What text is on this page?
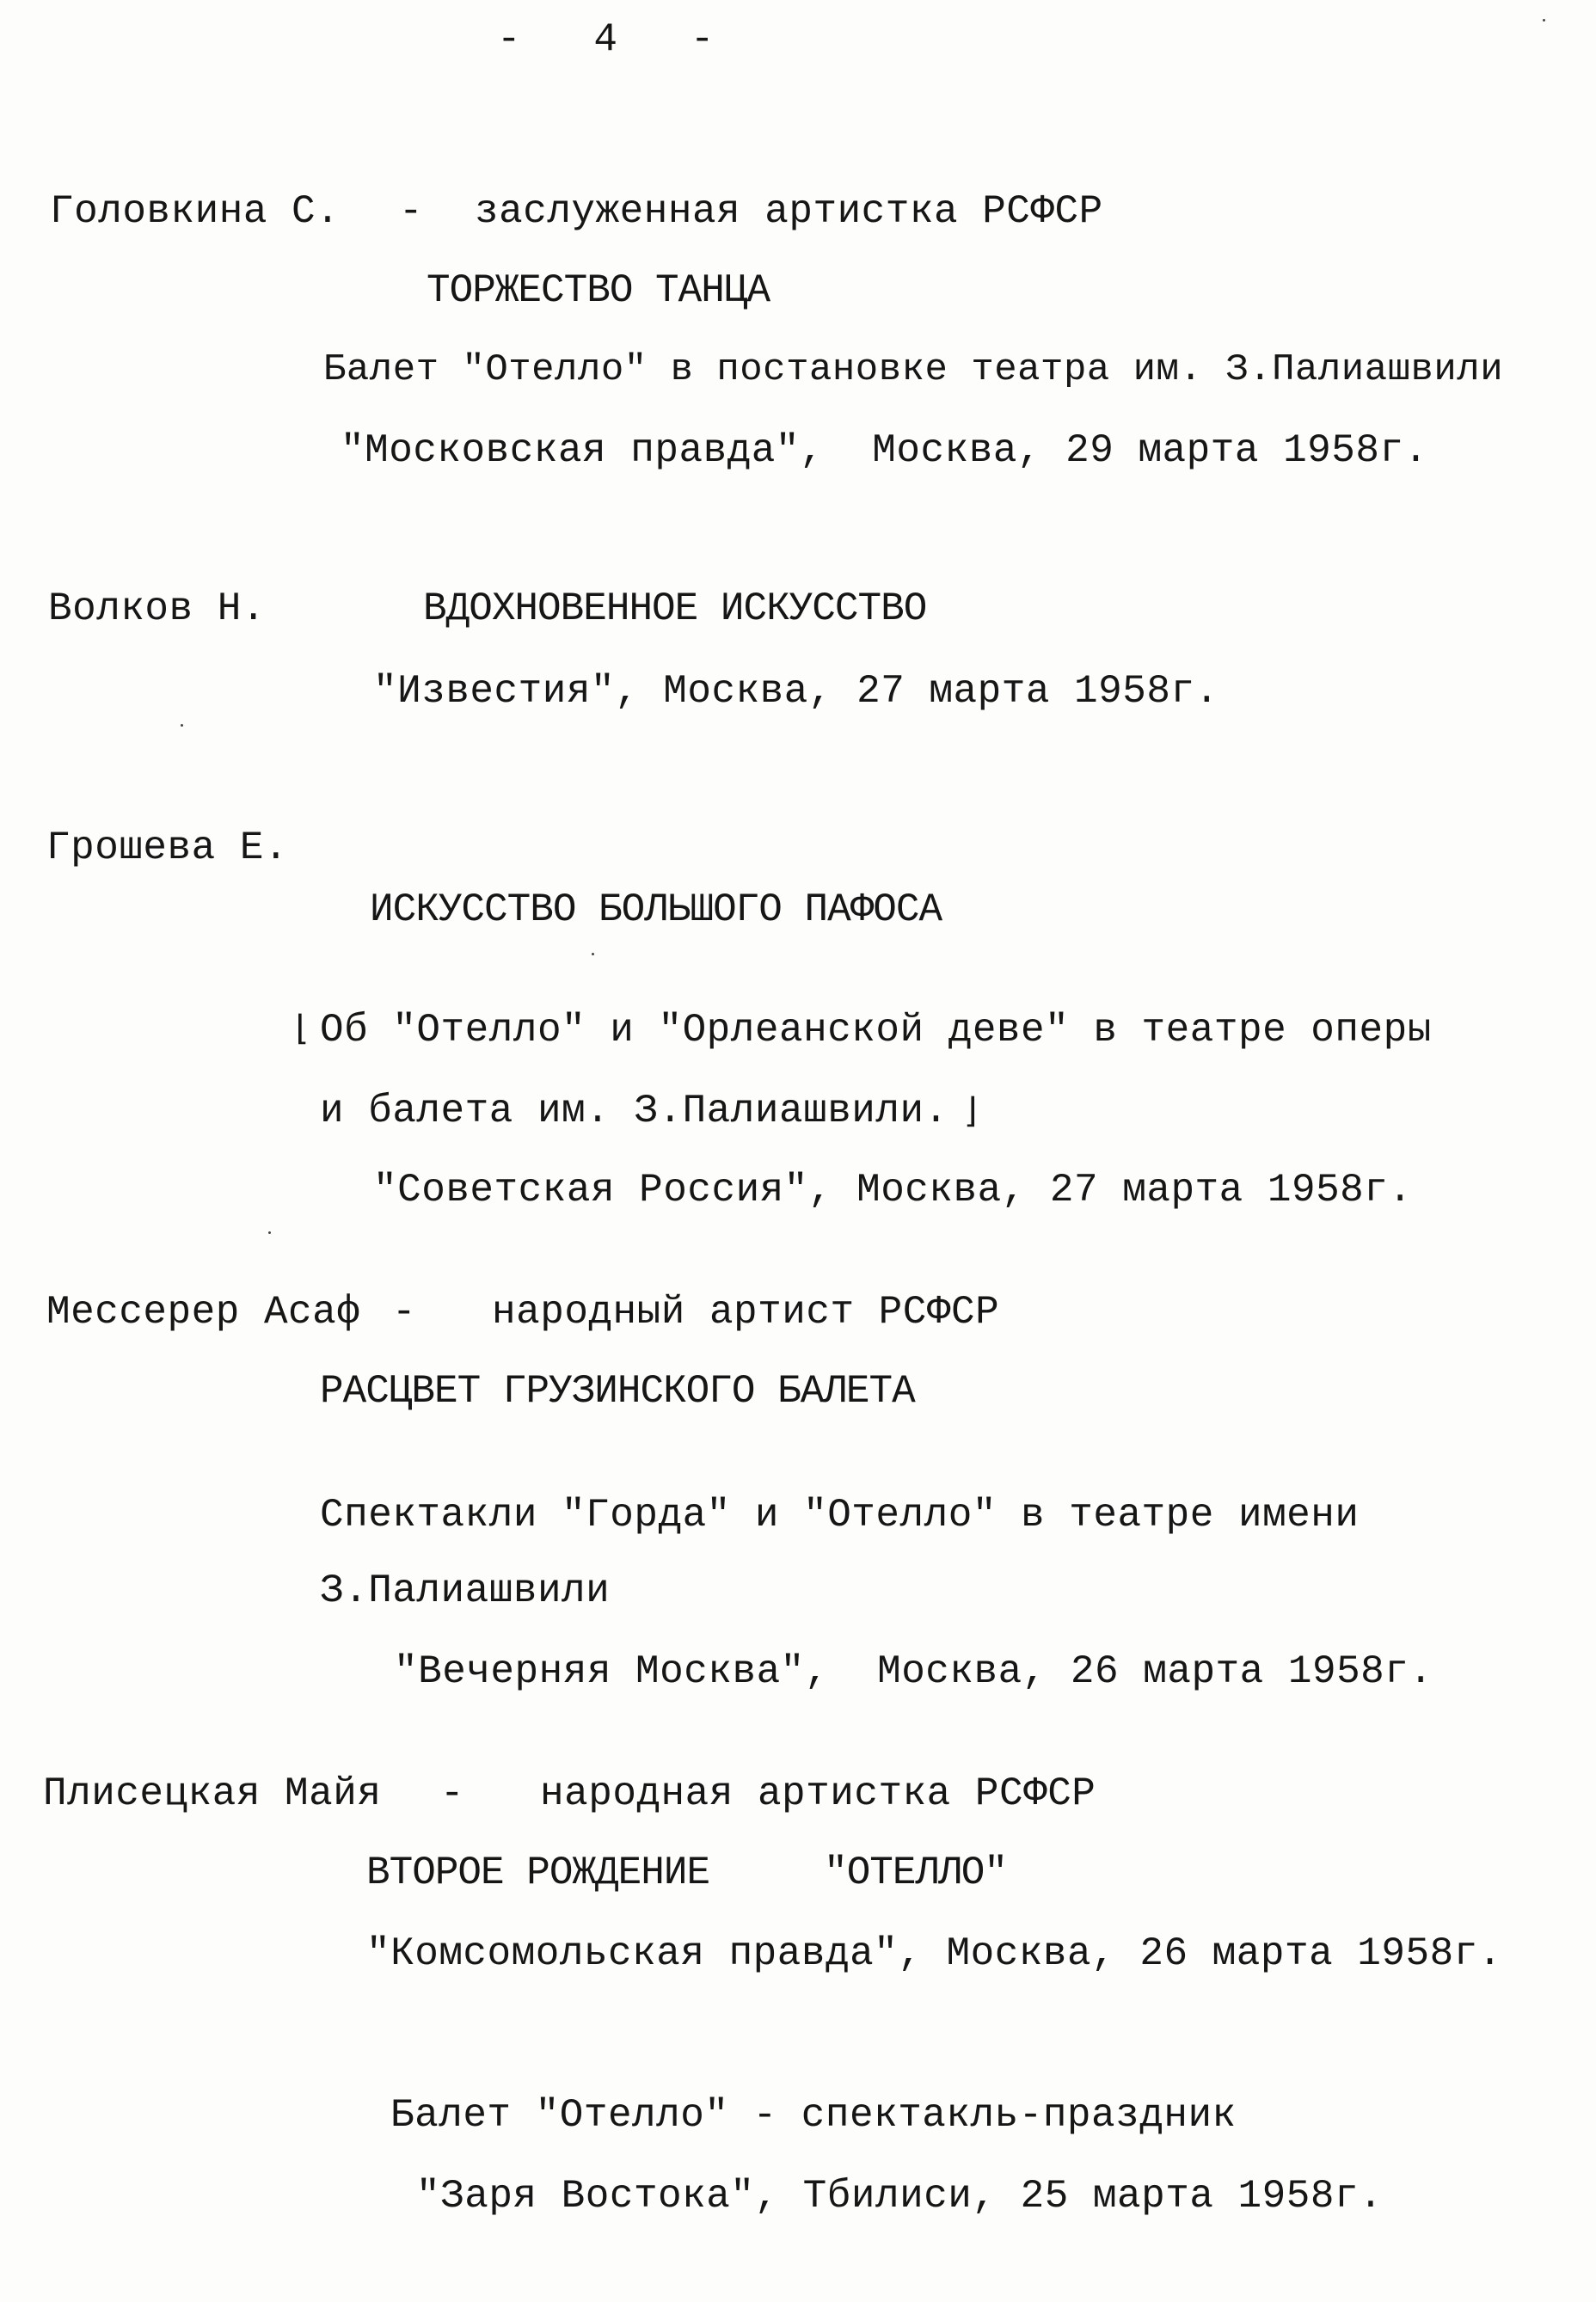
-   4   -
Головкина С. - заслуженная артистка РСФСР
ТОРЖЕСТВО ТАНЦА
Балет "Отелло" в постановке театра им. З.Палиашвили
"Московская правда",  Москва, 29 марта 1958г.
Волков Н.	ВДОХНОВЕННОЕ ИСКУССТВО
"Известия", Москва, 27 марта 1958г.
Грошева Е.
ИСКУССТВО БОЛЬШОГО ПАФОСА
⌊ Об "Отелло" и "Орлеанской деве" в театре оперы
и балета им. З.Палиашвили. ⌋
"Советская Россия", Москва, 27 марта 1958г.
Мессерер Асаф - народный артист РСФСР
РАСЦВЕТ ГРУЗИНСКОГО БАЛЕТА
Спектакли "Горда" и "Отелло" в театре имени
З.Палиашвили
"Вечерняя Москва",  Москва, 26 марта 1958г.
Плисецкая Майя - народная артистка РСФСР
ВТОРОЕ РОЖДЕНИЕ     "ОТЕЛЛО"
"Комсомольская правда", Москва, 26 марта 1958г.
Балет "Отелло" - спектакль-праздник
"Заря Востока", Тбилиси, 25 марта 1958г.
